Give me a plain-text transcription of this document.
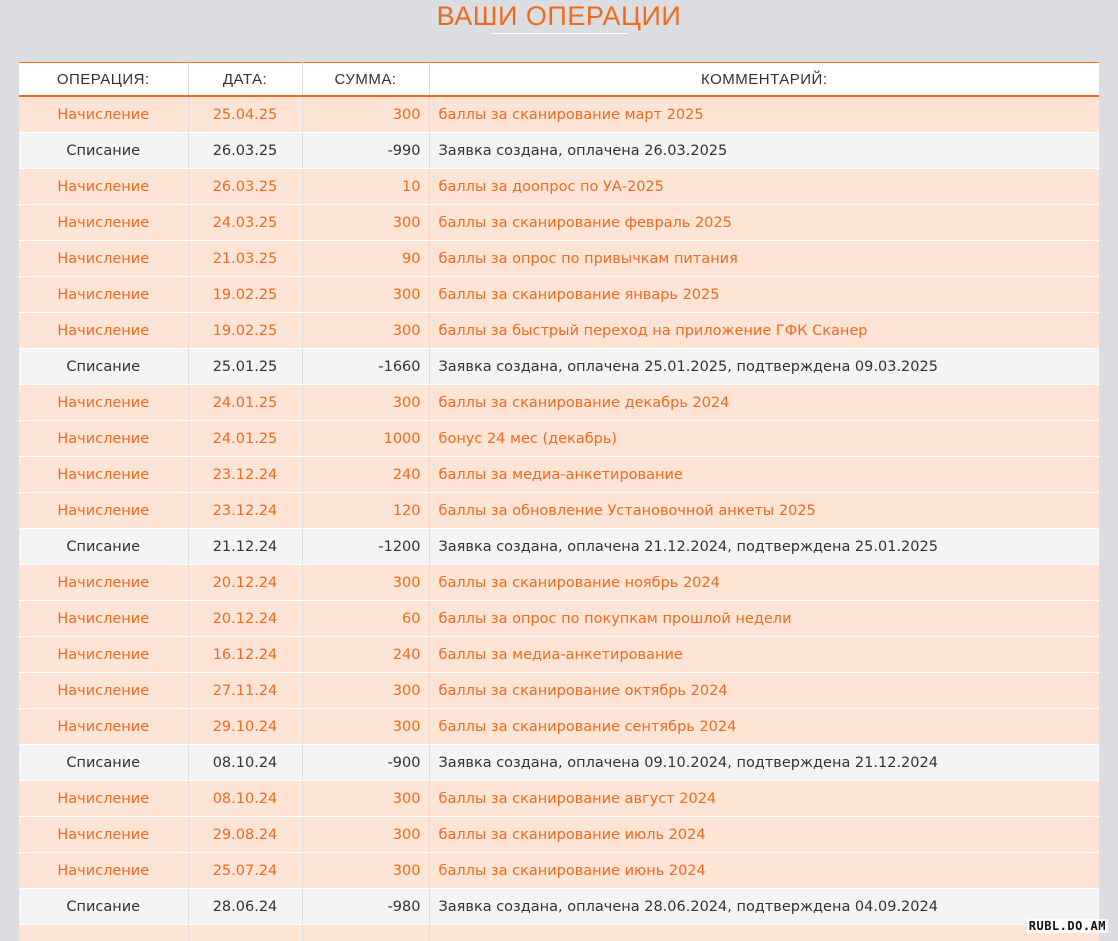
ВАШИ ОПЕРАЦИИ
ОПЕРАЦИЯ:	ДАТА:	СУММА:	КОММЕНТАРИЙ:
Начисление	25.04.25	300	баллы за сканирование март 2025
Списание	26.03.25	-990	Заявка создана, оплачена 26.03.2025
Начисление	26.03.25	10	баллы за доопрос по УА-2025
Начисление	24.03.25	300	баллы за сканирование февраль 2025
Начисление	21.03.25	90	баллы за опрос по привычкам питания
Начисление	19.02.25	300	баллы за сканирование январь 2025
Начисление	19.02.25	300	баллы за быстрый переход на приложение ГФК Сканер
Списание	25.01.25	-1660	Заявка создана, оплачена 25.01.2025, подтверждена 09.03.2025
Начисление	24.01.25	300	баллы за сканирование декабрь 2024
Начисление	24.01.25	1000	бонус 24 мес (декабрь)
Начисление	23.12.24	240	баллы за медиа-анкетирование
Начисление	23.12.24	120	баллы за обновление Установочной анкеты 2025
Списание	21.12.24	-1200	Заявка создана, оплачена 21.12.2024, подтверждена 25.01.2025
Начисление	20.12.24	300	баллы за сканирование ноябрь 2024
Начисление	20.12.24	60	баллы за опрос по покупкам прошлой недели
Начисление	16.12.24	240	баллы за медиа-анкетирование
Начисление	27.11.24	300	баллы за сканирование октябрь 2024
Начисление	29.10.24	300	баллы за сканирование сентябрь 2024
Списание	08.10.24	-900	Заявка создана, оплачена 09.10.2024, подтверждена 21.12.2024
Начисление	08.10.24	300	баллы за сканирование август 2024
Начисление	29.08.24	300	баллы за сканирование июль 2024
Начисление	25.07.24	300	баллы за сканирование июнь 2024
Списание	28.06.24	-980	Заявка создана, оплачена 28.06.2024, подтверждена 04.09.2024

RUBL.DO.AM
